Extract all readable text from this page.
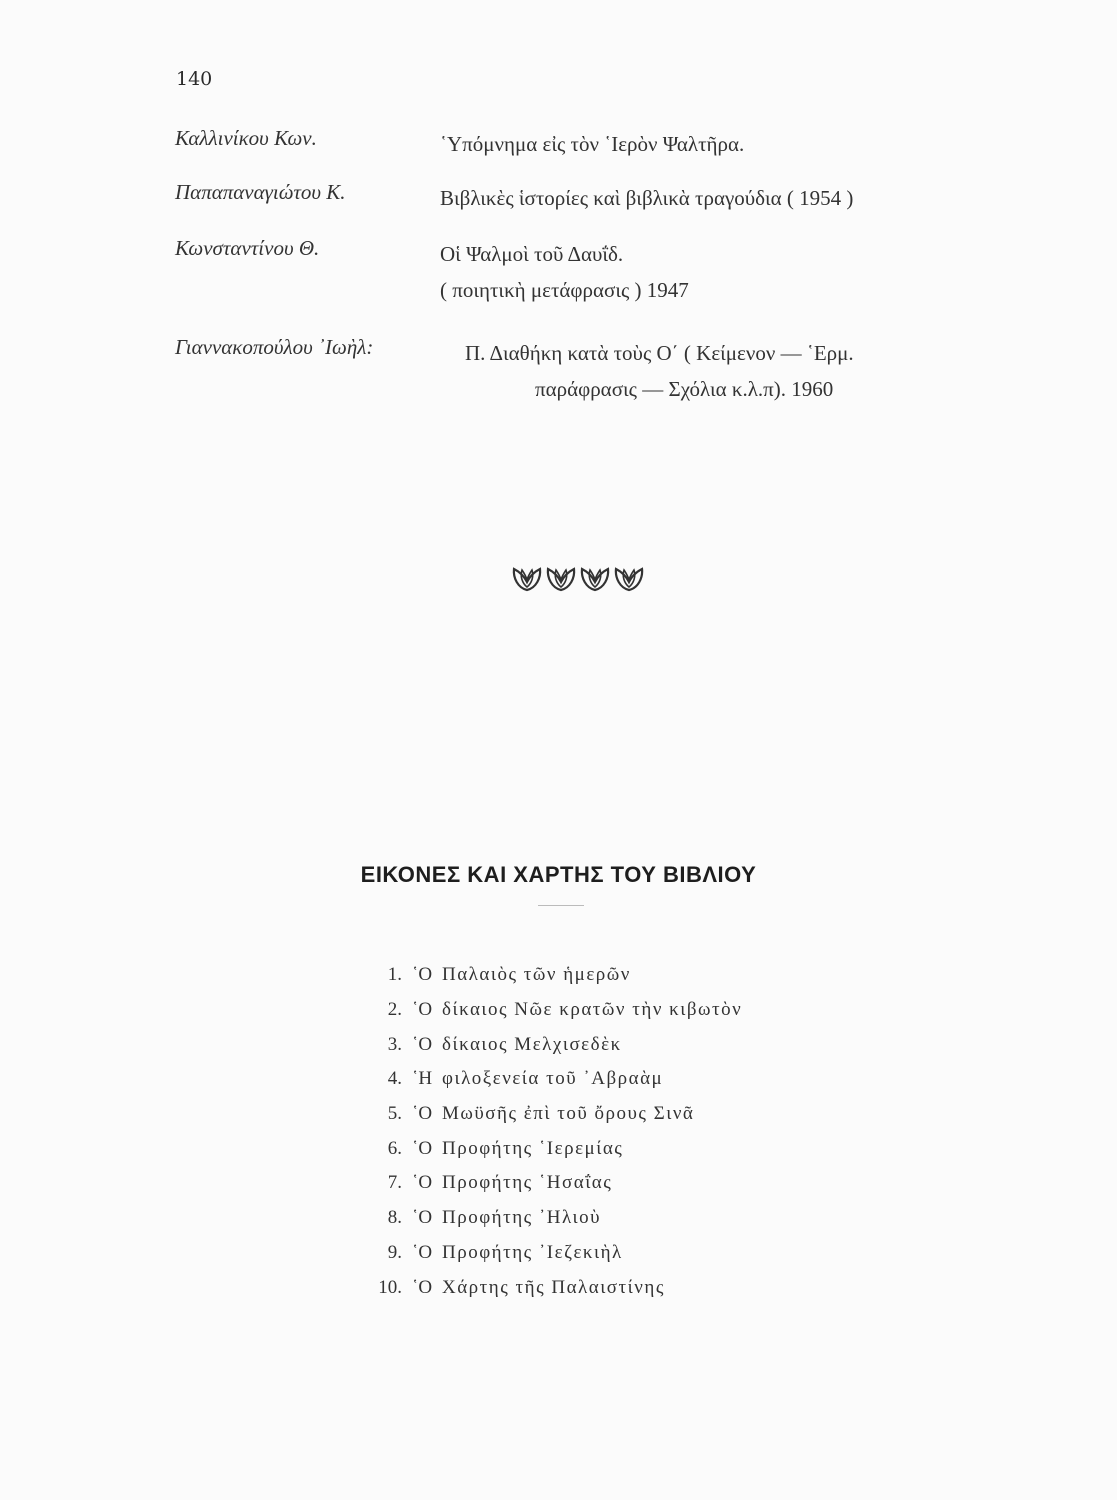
140
Καλλινίκου Κων.	῾Υπόμνημα εἰς τὸν ῾Ιερὸν Ψαλτῆρα.
Παπαπαναγιώτου Κ.	Βιβλικὲς ἱστορίες καὶ βιβλικὰ τραγούδια ( 1954 )
Κωνσταντίνου Θ.	Οἱ Ψαλμοὶ τοῦ Δαυΐδ.
( ποιητικὴ μετάφρασις ) 1947
Γιαννακοπούλου ᾿Ιωὴλ:	Π. Διαθήκη κατὰ τοὺς Ο΄ ( Κείμενον — ῾Ερμ.
παράφρασις — Σχόλια κ.λ.π). 1960
ΕΙΚΟΝΕΣ ΚΑΙ ΧΑΡΤΗΣ ΤΟΥ ΒΙΒΛΙΟΥ
1. ῾Ο Παλαιὸς τῶν ἡμερῶν
2. ῾Ο δίκαιος Νῶε κρατῶν τὴν κιβωτὸν
3. ῾Ο δίκαιος Μελχισεδὲκ
4. ῾Η φιλοξενεία τοῦ ᾿Αβραὰμ
5. ῾Ο Μωϋσῆς ἐπὶ τοῦ ὄρους Σινᾶ
6. ῾Ο Προφήτης ῾Ιερεμίας
7. ῾Ο Προφήτης ῾Ησαΐας
8. ῾Ο Προφήτης ᾿Ηλιοὺ
9. ῾Ο Προφήτης ᾿Ιεζεκιὴλ
10. ῾Ο Χάρτης τῆς Παλαιστίνης
